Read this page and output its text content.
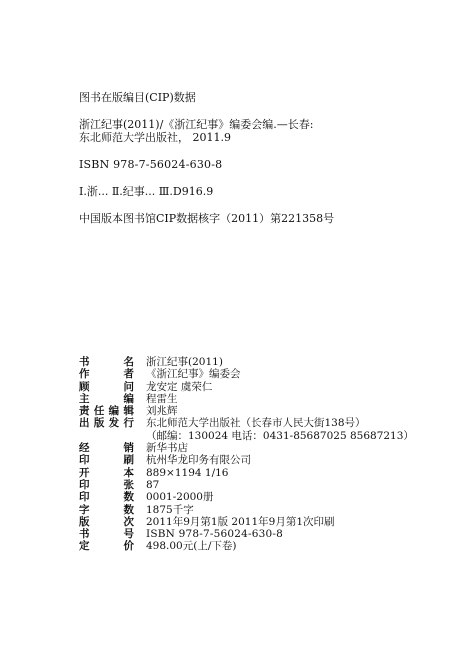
图书在版编目(CIP)数据
浙江纪事(2011)/《浙江纪事》编委会编.—长春:
东北师范大学出版社， 2011.9
ISBN 978-7-56024-630-8
Ⅰ.浙... Ⅱ.纪事... Ⅲ.D916.9
中国版本图书馆CIP数据核字（2011）第221358号
书 名 浙江纪事(2011)
作 者 《浙江纪事》编委会
顾 问 龙安定 虞荣仁
主 编 程雷生
责任编辑 刘兆辉
出版发行 东北师范大学出版社（长春市人民大街138号）
（邮编：130024 电话：0431-85687025 85687213）
经 销 新华书店
印 刷 杭州华龙印务有限公司
开 本 889×1194 1/16
印 张 87
印 数 0001-2000册
字 数 1875千字
版 次 2011年9月第1版 2011年9月第1次印刷
书 号 ISBN 978-7-56024-630-8
定 价 498.00元(上/下卷)
